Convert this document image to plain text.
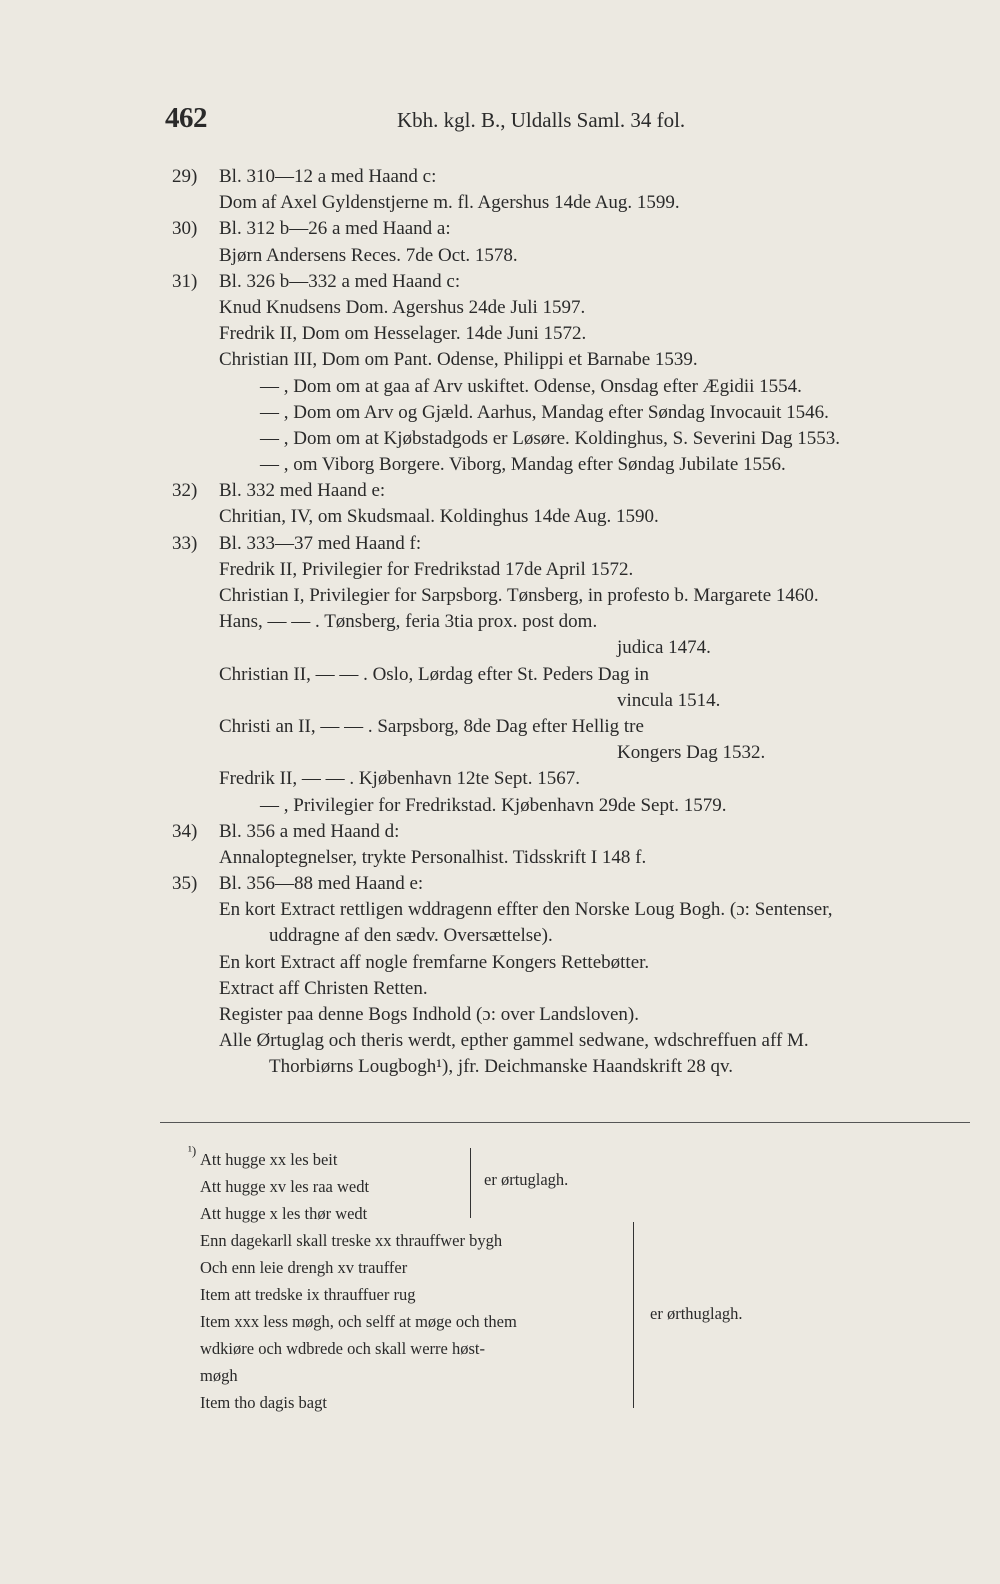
462	Kbh. kgl. B., Uldalls Saml. 34 fol.
29) Bl. 310—12 a med Haand c:
Dom af Axel Gyldenstjerne m. fl. Agershus 14de Aug. 1599.
30) Bl. 312 b—26 a med Haand a:
Bjørn Andersens Reces. 7de Oct. 1578.
31) Bl. 326 b—332 a med Haand c:
Knud Knudsens Dom. Agershus 24de Juli 1597.
Fredrik II, Dom om Hesselager. 14de Juni 1572.
Christian III, Dom om Pant. Odense, Philippi et Barnabe 1539.
— , Dom om at gaa af Arv uskiftet. Odense, Onsdag efter Ægidii 1554.
— , Dom om Arv og Gjæld. Aarhus, Mandag efter Søndag Invocauit 1546.
— , Dom om at Kjøbstadgods er Løsøre. Koldinghus, S. Severini Dag 1553.
— , om Viborg Borgere. Viborg, Mandag efter Søndag Jubilate 1556.
32) Bl. 332 med Haand e:
Chritian, IV, om Skudsmaal. Koldinghus 14de Aug. 1590.
33) Bl. 333—37 med Haand f:
Fredrik II, Privilegier for Fredrikstad 17de April 1572.
Christian I, Privilegier for Sarpsborg. Tønsberg, in profesto b. Margarete 1460.
Hans, — — . Tønsberg, feria 3tia prox. post dom.
judica 1474.
Christian II, — — . Oslo, Lørdag efter St. Peders Dag in
vincula 1514.
Christi an II, — — . Sarpsborg, 8de Dag efter Hellig tre
Kongers Dag 1532.
Fredrik II, — — . Kjøbenhavn 12te Sept. 1567.
— , Privilegier for Fredrikstad. Kjøbenhavn 29de Sept. 1579.
34) Bl. 356 a med Haand d:
Annaloptegnelser, trykte Personalhist. Tidsskrift I 148 f.
35) Bl. 356—88 med Haand e:
En kort Extract rettligen wddragenn effter den Norske Loug Bogh. (ɔ: Sentenser,
uddragne af den sædv. Oversættelse).
En kort Extract aff nogle fremfarne Kongers Rettebøtter.
Extract aff Christen Retten.
Register paa denne Bogs Indhold (ɔ: over Landsloven).
Alle Ørtuglag och theris werdt, epther gammel sedwane, wdschreffuen aff M.
Thorbiørns Lougbogh¹), jfr. Deichmanske Haandskrift 28 qv.
¹) Att hugge xx les beit
Att hugge xv les raa wedt
Att hugge x les thør wedt
Enn dagekarll skall treske xx thrauffwer bygh
Och enn leie drengh xv trauffer
Item att tredske ix thrauffuer rug
Item xxx less møgh, och selff at møge och them
wdkiøre och wdbrede och skall werre høst-
møgh
Item tho dagis bagt
er ørtuglagh.
er ørthuglagh.
